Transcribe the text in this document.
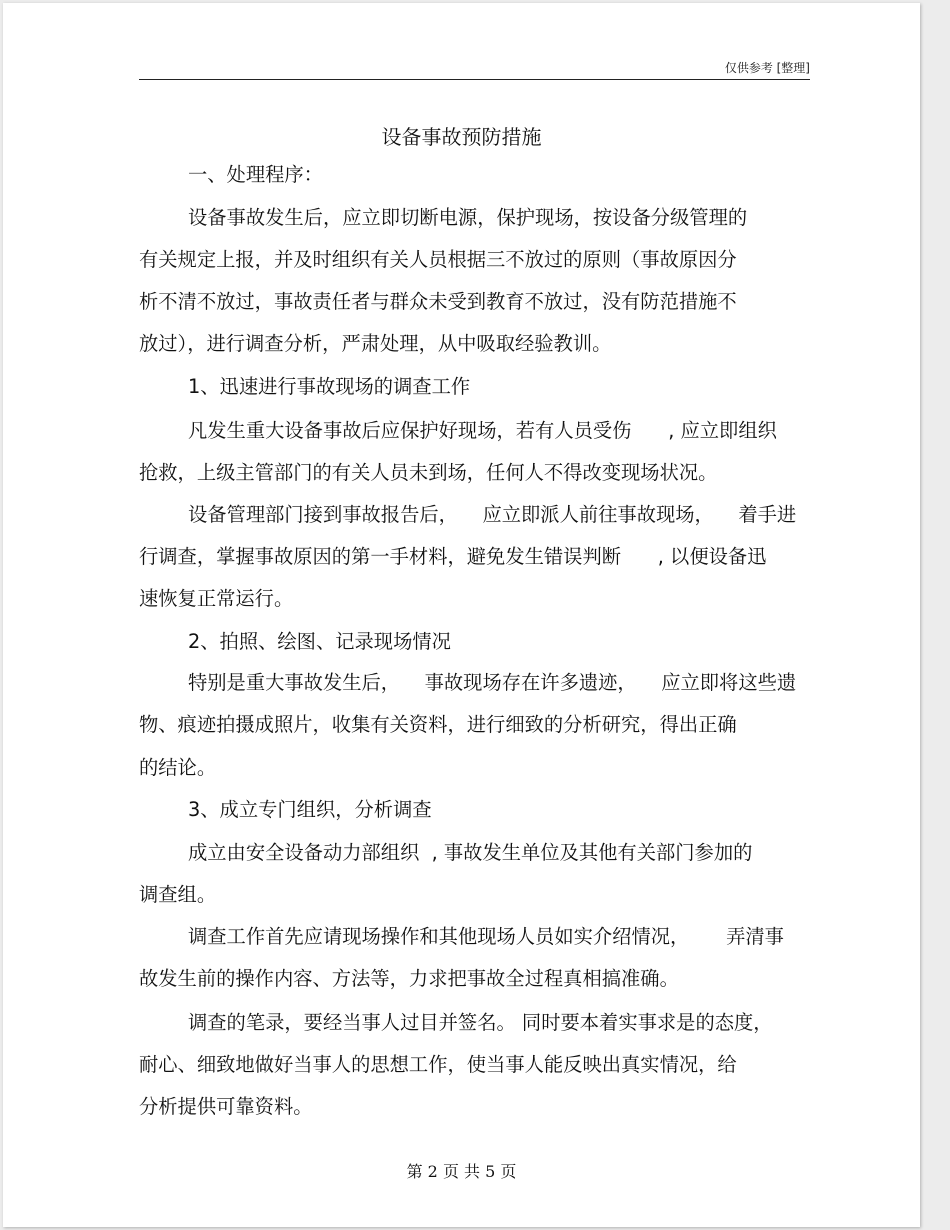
仅供参考 [整理]
设备事故预防措施
一、处理程序：
设备事故发生后，应立即切断电源，保护现场，按设备分级管理的
有关规定上报，并及时组织有关人员根据三不放过的原则（事故原因分
析不清不放过，事故责任者与群众未受到教育不放过，没有防范措施不
放过），进行调查分析，严肃处理，从中吸取经验教训。
1、迅速进行事故现场的调查工作
凡发生重大设备事故后应保护好现场，若有人员受伤      , 应立即组织
抢救，上级主管部门的有关人员未到场，任何人不得改变现场状况。
设备管理部门接到事故报告后，    应立即派人前往事故现场，    着手进
行调查，掌握事故原因的第一手材料，避免发生错误判断      , 以便设备迅
速恢复正常运行。
2、拍照、绘图、记录现场情况
特别是重大事故发生后，    事故现场存在许多遗迹，    应立即将这些遗
物、痕迹拍摄成照片，收集有关资料，进行细致的分析研究，得出正确
的结论。
3、成立专门组织，分析调查
成立由安全设备动力部组织  , 事故发生单位及其他有关部门参加的
调查组。
调查工作首先应请现场操作和其他现场人员如实介绍情况，      弄清事
故发生前的操作内容、方法等，力求把事故全过程真相搞准确。
调查的笔录，要经当事人过目并签名。 同时要本着实事求是的态度，
耐心、细致地做好当事人的思想工作，使当事人能反映出真实情况，给
分析提供可靠资料。
第 2 页 共 5 页
